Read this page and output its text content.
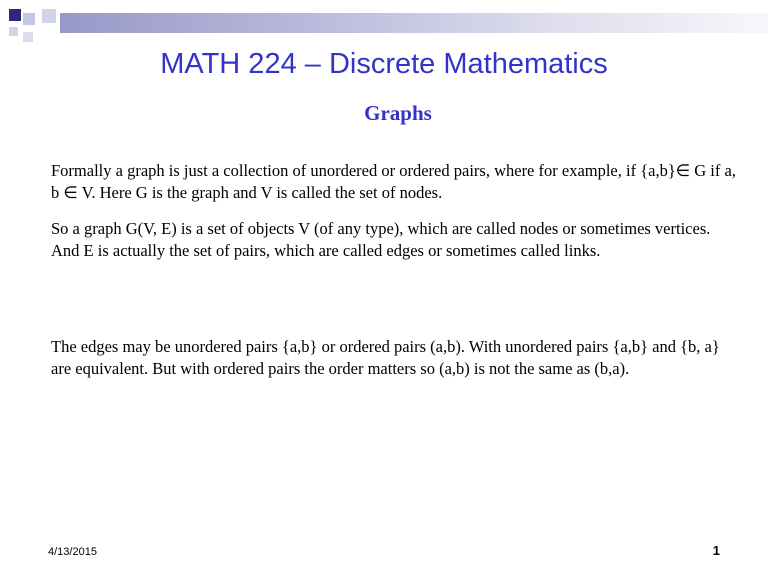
MATH 224 – Discrete Mathematics
Graphs

Formally a graph is just a collection of unordered or ordered pairs, where for example, if {a,b}∈ G if a, b ∈ V. Here G is the graph and V is called the set of nodes.

So a graph G(V, E) is a set of objects V (of any type), which are called nodes or sometimes vertices. And E is actually the set of pairs, which are called edges or sometimes called links.

The edges may be unordered pairs {a,b} or ordered pairs (a,b). With unordered pairs {a,b} and {b, a} are equivalent. But with ordered pairs the order matters so (a,b) is not the same as (b,a).

4/13/2015	1
